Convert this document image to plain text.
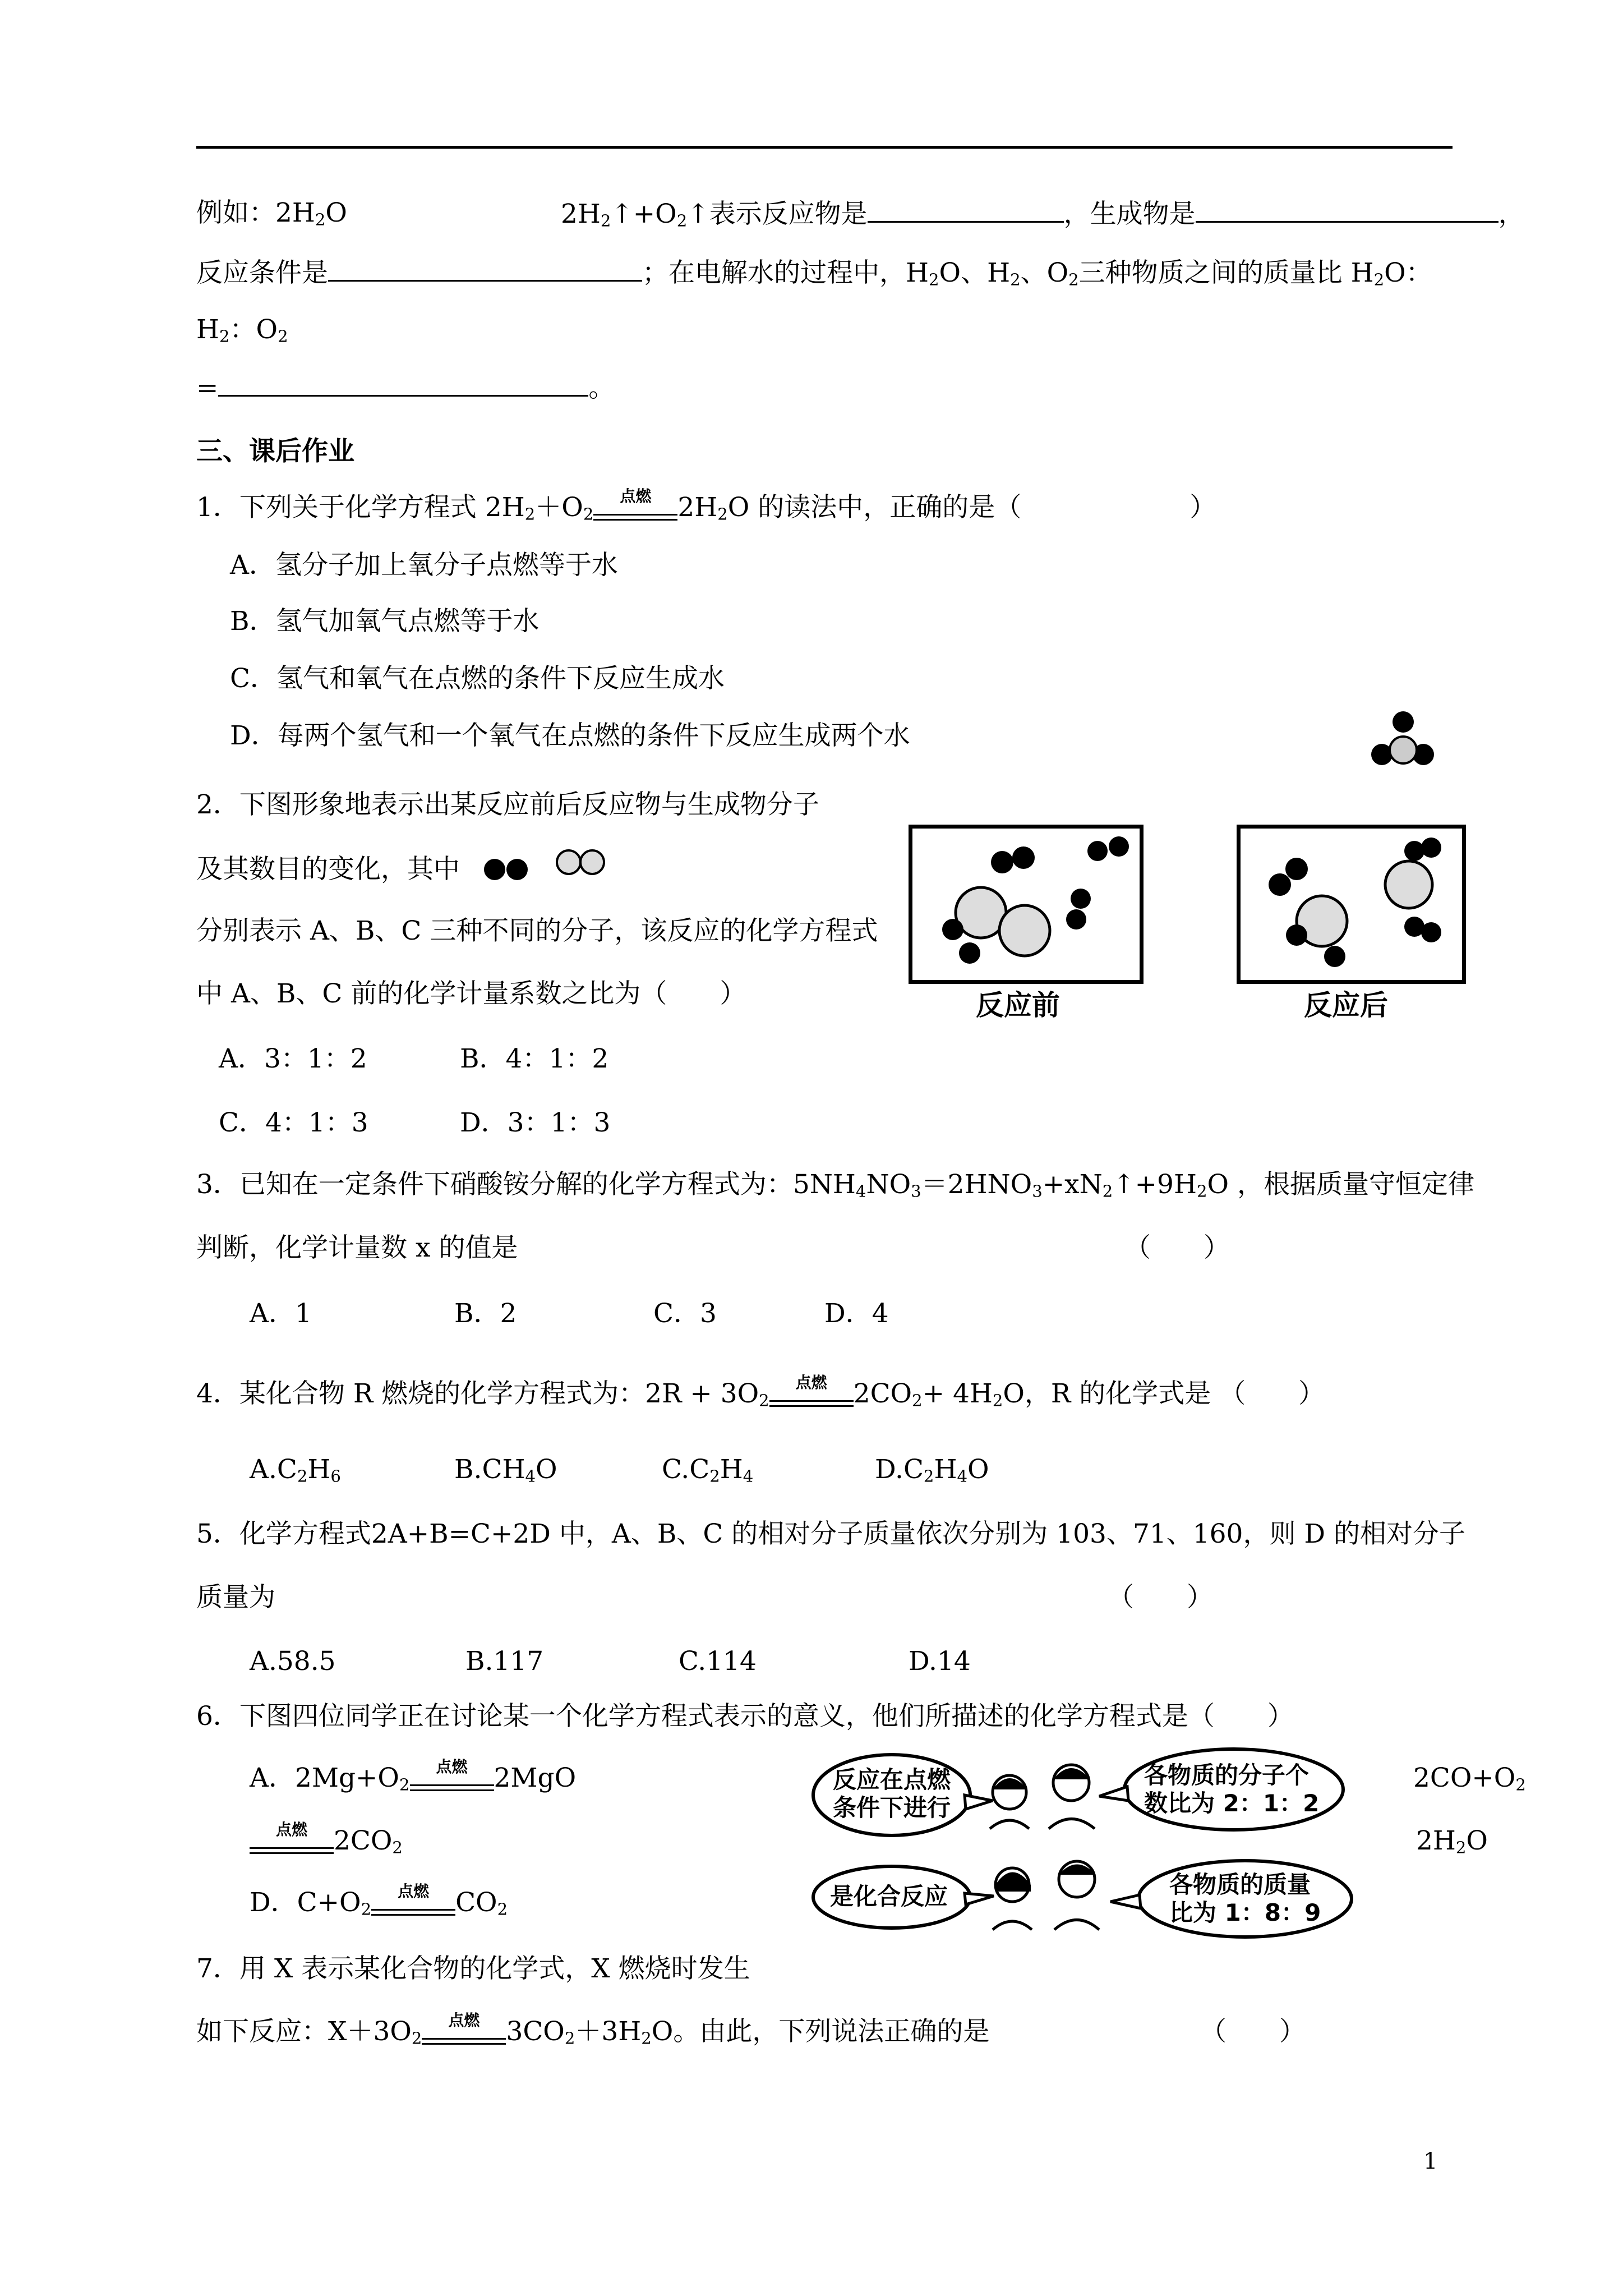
例如：$2H_2O$	$2H_2↑+O_2↑$表示反应物是	，生成物是	，
反应条件是	；在电解水的过程中，$H_2O$、$H_2$、$O_2$三种物质之间的质量比 $H_2O$：
$H_2$：$O_2$
=	。
三、课后作业
1．下列关于化学方程式 $2H_2+O_2$
点燃	$2H_2O$ 的读法中，正确的是（	）
A．氢分子加上氧分子点燃等于水
B．氢气加氧气点燃等于水
C．氢气和氧气在点燃的条件下反应生成水
D．每两个氢气和一个氧气在点燃的条件下反应生成两个水
2．下图形象地表示出某反应前后反应物与生成物分子
及其数目的变化，其中
分别表示 A、B、C 三种不同的分子，该反应的化学方程式
中 A、B、C 前的化学计量系数之比为（　　）
A．3：1：2	B．4：1：2
C．4：1：3	D．3：1：3
反应前	反应后
3．已知在一定条件下硝酸铵分解的化学方程式为：$5NH_4NO_3=2HNO_3+xN_2↑+9H_2O$ ，根据质量守恒定律
判断，化学计量数 x 的值是	（　　）
A．1	B．2	C．3	D．4
4．某化合物 R 燃烧的化学方程式为：$2R + 3O_2$
点燃	$2CO_2+ 4H_2O$，R 的化学式是 （　　）
$A.C_2H_6$	$B.CH_4O$	$C.C_2H_4$	$D.C_2H_4O$
5．化学方程式2A+B=C+2D 中，A、B、C 的相对分子质量依次分别为 103、71、160，则 D 的相对分子
质量为	（　　）
A.58.5	B.117	C.114	D.14
6．下图四位同学正在讨论某一个化学方程式表示的意义，他们所描述的化学方程式是（　　）
A．$2Mg+O_2$
点燃	2MgO
点燃	$2CO_2$
$2CO+O_2$
$2H_2O$
D．$C+O_2$
点燃	$CO_2$
反应在点燃
条件下进行
各物质的分子个
数比为 2：1：2
是化合反应	各物质的质量
比为 1：8：9
7．用 X 表示某化合物的化学式，X 燃烧时发生
如下反应：$X+3O_2$
点燃	$3CO_2+3H_2O$。由此，下列说法正确的是	（　　）
1
